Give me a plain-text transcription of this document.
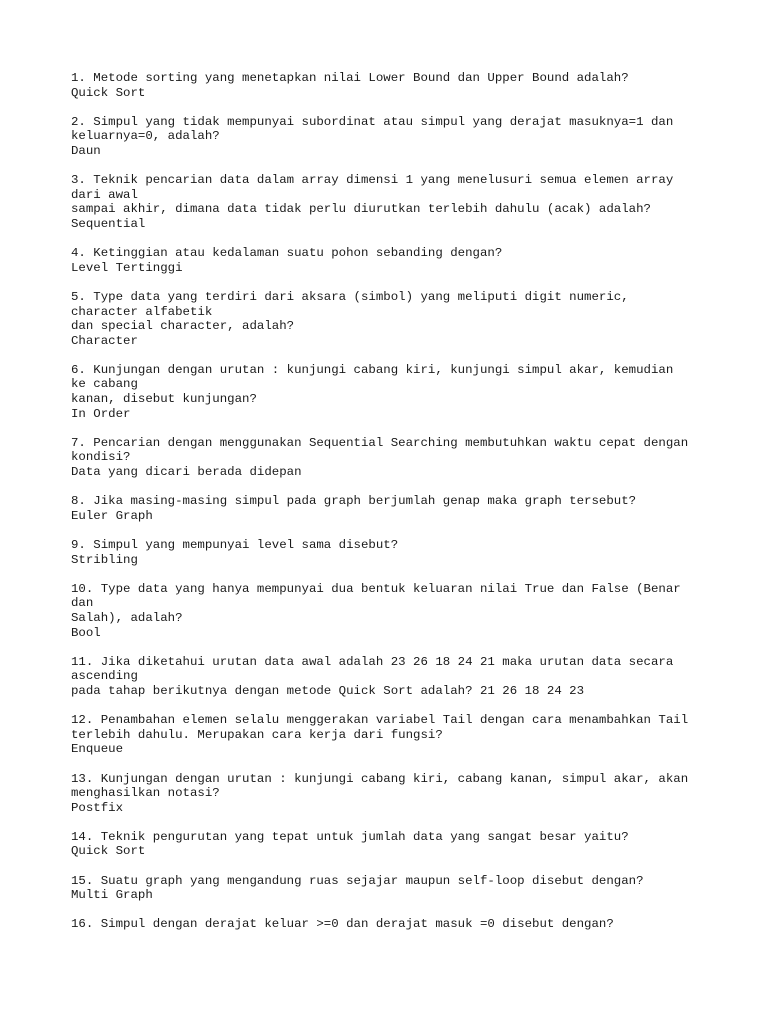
1. Metode sorting yang menetapkan nilai Lower Bound dan Upper Bound adalah?
Quick Sort
2. Simpul yang tidak mempunyai subordinat atau simpul yang derajat masuknya=1 dan
keluarnya=0, adalah?
Daun
3. Teknik pencarian data dalam array dimensi 1 yang menelusuri semua elemen array
dari awal
sampai akhir, dimana data tidak perlu diurutkan terlebih dahulu (acak) adalah?
Sequential
4. Ketinggian atau kedalaman suatu pohon sebanding dengan?
Level Tertinggi
5. Type data yang terdiri dari aksara (simbol) yang meliputi digit numeric,
character alfabetik
dan special character, adalah?
Character
6. Kunjungan dengan urutan : kunjungi cabang kiri, kunjungi simpul akar, kemudian
ke cabang
kanan, disebut kunjungan?
In Order
7. Pencarian dengan menggunakan Sequential Searching membutuhkan waktu cepat dengan
kondisi?
Data yang dicari berada didepan
8. Jika masing-masing simpul pada graph berjumlah genap maka graph tersebut?
Euler Graph
9. Simpul yang mempunyai level sama disebut?
Stribling
10. Type data yang hanya mempunyai dua bentuk keluaran nilai True dan False (Benar
dan
Salah), adalah?
Bool
11. Jika diketahui urutan data awal adalah 23 26 18 24 21 maka urutan data secara
ascending
pada tahap berikutnya dengan metode Quick Sort adalah? 21 26 18 24 23
12. Penambahan elemen selalu menggerakan variabel Tail dengan cara menambahkan Tail
terlebih dahulu. Merupakan cara kerja dari fungsi?
Enqueue
13. Kunjungan dengan urutan : kunjungi cabang kiri, cabang kanan, simpul akar, akan
menghasilkan notasi?
Postfix
14. Teknik pengurutan yang tepat untuk jumlah data yang sangat besar yaitu?
Quick Sort
15. Suatu graph yang mengandung ruas sejajar maupun self-loop disebut dengan?
Multi Graph
16. Simpul dengan derajat keluar >=0 dan derajat masuk =0 disebut dengan?
